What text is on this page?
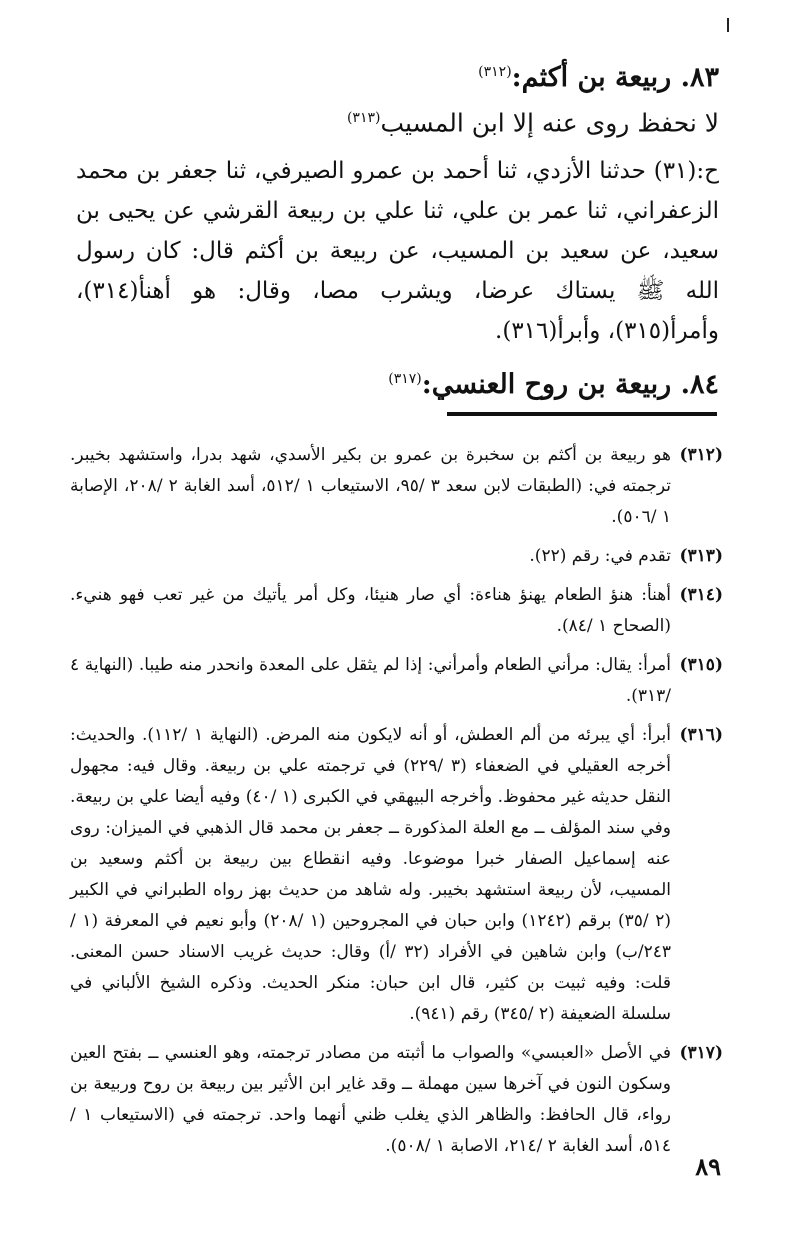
٨٣. ربيعة بن أكثم:$^{(٣١٢)}$

لا نحفظ روى عنه إلا ابن المسيب$^{(٣١٣)}$

ح:(٣١) حدثنا الأزدي، ثنا أحمد بن عمرو الصيرفي، ثنا جعفر بن محمد الزعفراني، ثنا عمر بن علي، ثنا علي بن ربيعة القرشي عن يحيى بن سعيد، عن سعيد بن المسيب، عن ربيعة بن أكثم قال: كان رسول الله ﷺ يستاك عرضا، ويشرب مصا، وقال: هو أهنأ(٣١٤)، وأمرأ(٣١٥)، وأبرأ(٣١٦).

٨٤. ربيعة بن روح العنسي:$^{(٣١٧)}$
(٣١٢)
هو ربيعة بن أكثم بن سخبرة بن عمرو بن بكير الأسدي، شهد بدرا، واستشهد بخيبر. ترجمته في: (الطبقات لابن سعد ٣ /٩٥، الاستيعاب ١ /٥١٢، أسد الغابة ٢ /٢٠٨، الإصابة ١ /٥٠٦).
(٣١٣)
تقدم في: رقم (٢٢).
(٣١٤)
أهنأ: هنؤ الطعام يهنؤ هناءة: أي صار هنيئا، وكل أمر يأتيك من غير تعب فهو هنيء. (الصحاح ١ /٨٤).
(٣١٥)
أمرأ: يقال: مرأني الطعام وأمرأني: إذا لم يثقل على المعدة وانحدر منه طيبا. (النهاية ٤ /٣١٣).
(٣١٦)
أبرأ: أي يبرئه من ألم العطش، أو أنه لايكون منه المرض. (النهاية ١ /١١٢). والحديث: أخرجه العقيلي في الضعفاء (٣ /٢٢٩) في ترجمته علي بن ربيعة. وقال فيه: مجهول النقل حديثه غير محفوظ. وأخرجه البيهقي في الكبرى (١ /٤٠) وفيه أيضا علي بن ربيعة. وفي سند المؤلف ــ مع العلة المذكورة ــ جعفر بن محمد قال الذهبي في الميزان: روى عنه إسماعيل الصفار خبرا موضوعا. وفيه انقطاع بين ربيعة بن أكثم وسعيد بن المسيب، لأن ربيعة استشهد بخيبر. وله شاهد من حديث بهز رواه الطبراني في الكبير (٢ /٣٥) برقم (١٢٤٢) وابن حبان في المجروحين (١ /٢٠٨) وأبو نعيم في المعرفة (١ /٢٤٣/ب) وابن شاهين في الأفراد (٣٢ /أ) وقال: حديث غريب الاسناد حسن المعنى. قلت: وفيه ثبيت بن كثير، قال ابن حبان: منكر الحديث. وذكره الشيخ الألباني في سلسلة الضعيفة (٢ /٣٤٥) رقم (٩٤١).
(٣١٧)
في الأصل «العبسي» والصواب ما أثبته من مصادر ترجمته، وهو العنسي ــ بفتح العين وسكون النون في آخرها سين مهملة ــ وقد غاير ابن الأثير بين ربيعة بن روح وربيعة بن رواء، قال الحافظ: والظاهر الذي يغلب ظني أنهما واحد. ترجمته في (الاستيعاب ١ /٥١٤، أسد الغابة ٢ /٢١٤، الاصابة ١ /٥٠٨).
٨٩
